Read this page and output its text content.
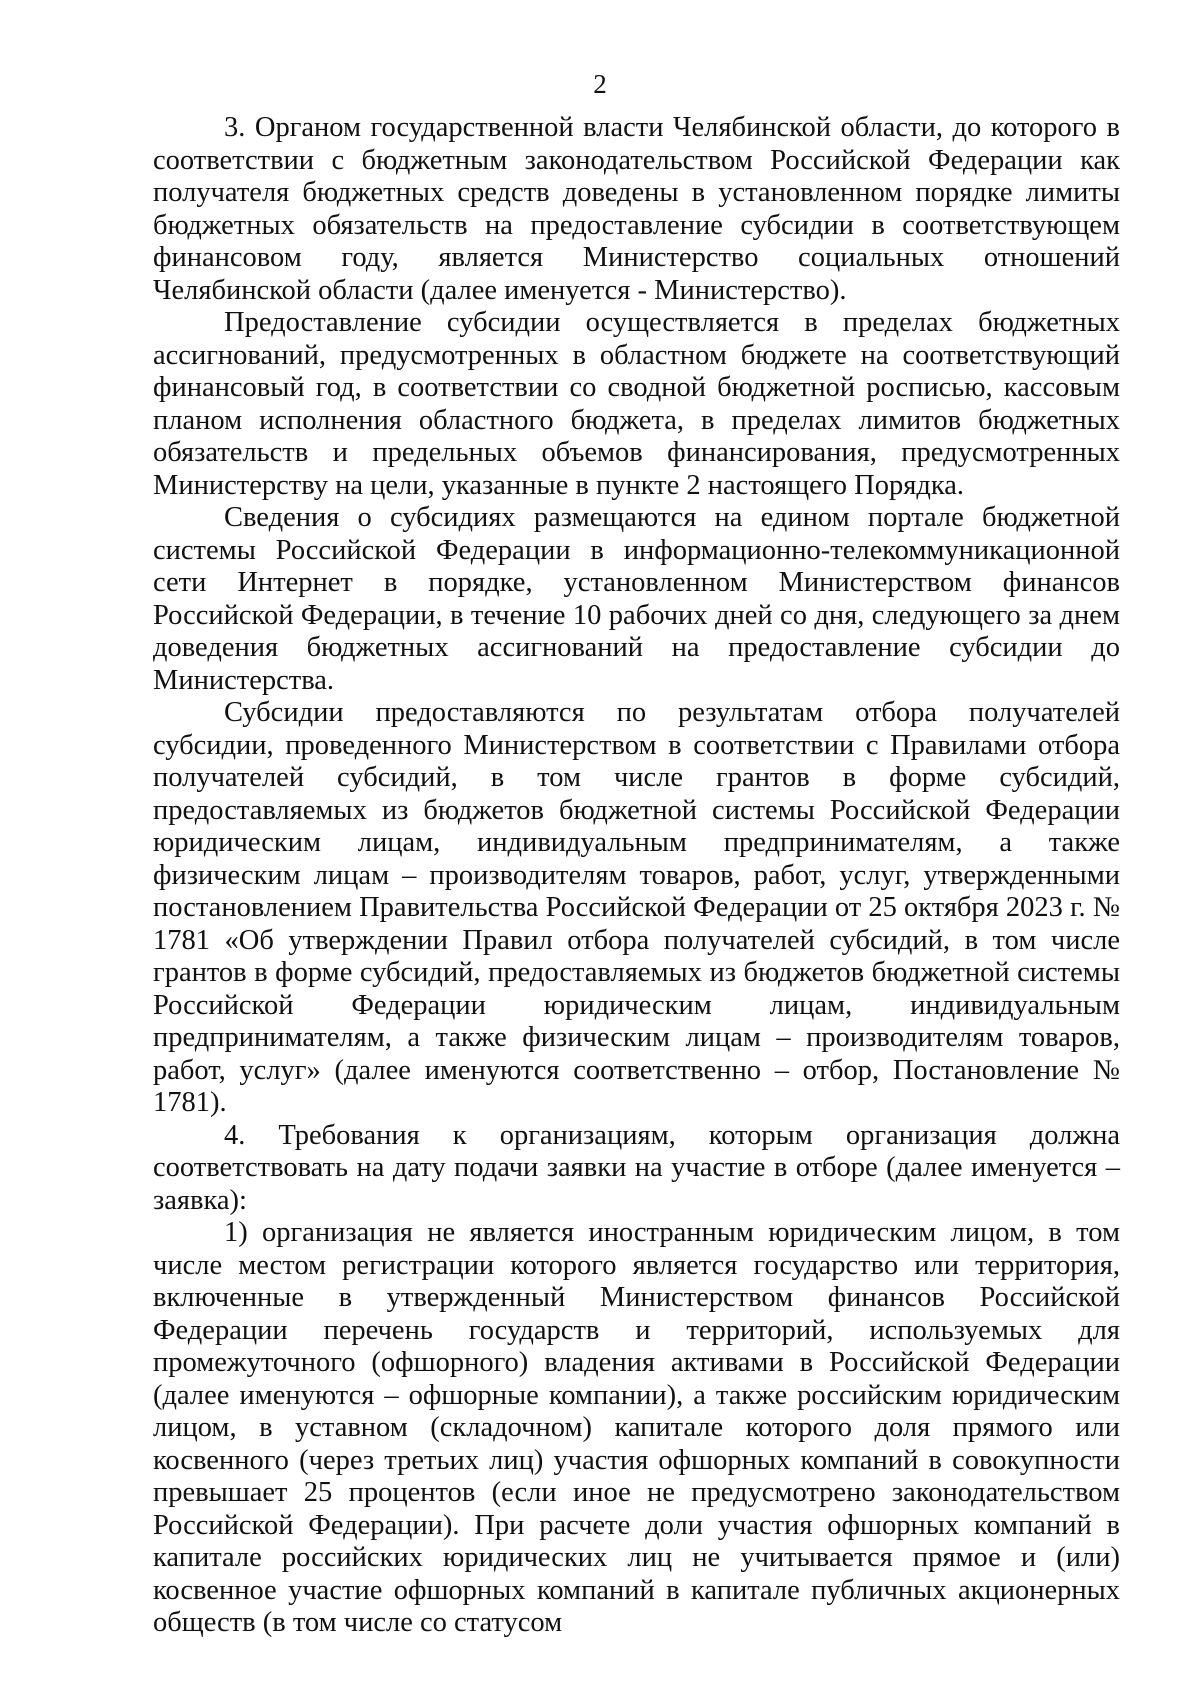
2

3. Органом государственной власти Челябинской области, до которого в соответствии с бюджетным законодательством Российской Федерации как получателя бюджетных средств доведены в установленном порядке лимиты бюджетных обязательств на предоставление субсидии в соответствующем финансовом году, является Министерство социальных отношений Челябинской области (далее именуется - Министерство).

Предоставление субсидии осуществляется в пределах бюджетных ассигнований, предусмотренных в областном бюджете на соответствующий финансовый год, в соответствии со сводной бюджетной росписью, кассовым планом исполнения областного бюджета, в пределах лимитов бюджетных обязательств и предельных объемов финансирования, предусмотренных Министерству на цели, указанные в пункте 2 настоящего Порядка.

Сведения о субсидиях размещаются на едином портале бюджетной системы Российской Федерации в информационно-телекоммуникационной сети Интернет в порядке, установленном Министерством финансов Российской Федерации, в течение 10 рабочих дней со дня, следующего за днем доведения бюджетных ассигнований на предоставление субсидии до Министерства.

Субсидии предоставляются по результатам отбора получателей субсидии, проведенного Министерством в соответствии с Правилами отбора получателей субсидий, в том числе грантов в форме субсидий, предоставляемых из бюджетов бюджетной системы Российской Федерации юридическим лицам, индивидуальным предпринимателям, а также физическим лицам – производителям товаров, работ, услуг, утвержденными постановлением Правительства Российской Федерации от 25 октября 2023 г. № 1781 «Об утверждении Правил отбора получателей субсидий, в том числе грантов в форме субсидий, предоставляемых из бюджетов бюджетной системы Российской Федерации юридическим лицам, индивидуальным предпринимателям, а также физическим лицам – производителям товаров, работ, услуг» (далее именуются соответственно – отбор, Постановление № 1781).

4. Требования к организациям, которым организация должна соответствовать на дату подачи заявки на участие в отборе (далее именуется – заявка):

1) организация не является иностранным юридическим лицом, в том числе местом регистрации которого является государство или территория, включенные в утвержденный Министерством финансов Российской Федерации перечень государств и территорий, используемых для промежуточного (офшорного) владения активами в Российской Федерации (далее именуются – офшорные компании), а также российским юридическим лицом, в уставном (складочном) капитале которого доля прямого или косвенного (через третьих лиц) участия офшорных компаний в совокупности превышает 25 процентов (если иное не предусмотрено законодательством Российской Федерации). При расчете доли участия офшорных компаний в капитале российских юридических лиц не учитывается прямое и (или) косвенное участие офшорных компаний в капитале публичных акционерных обществ (в том числе со статусом
